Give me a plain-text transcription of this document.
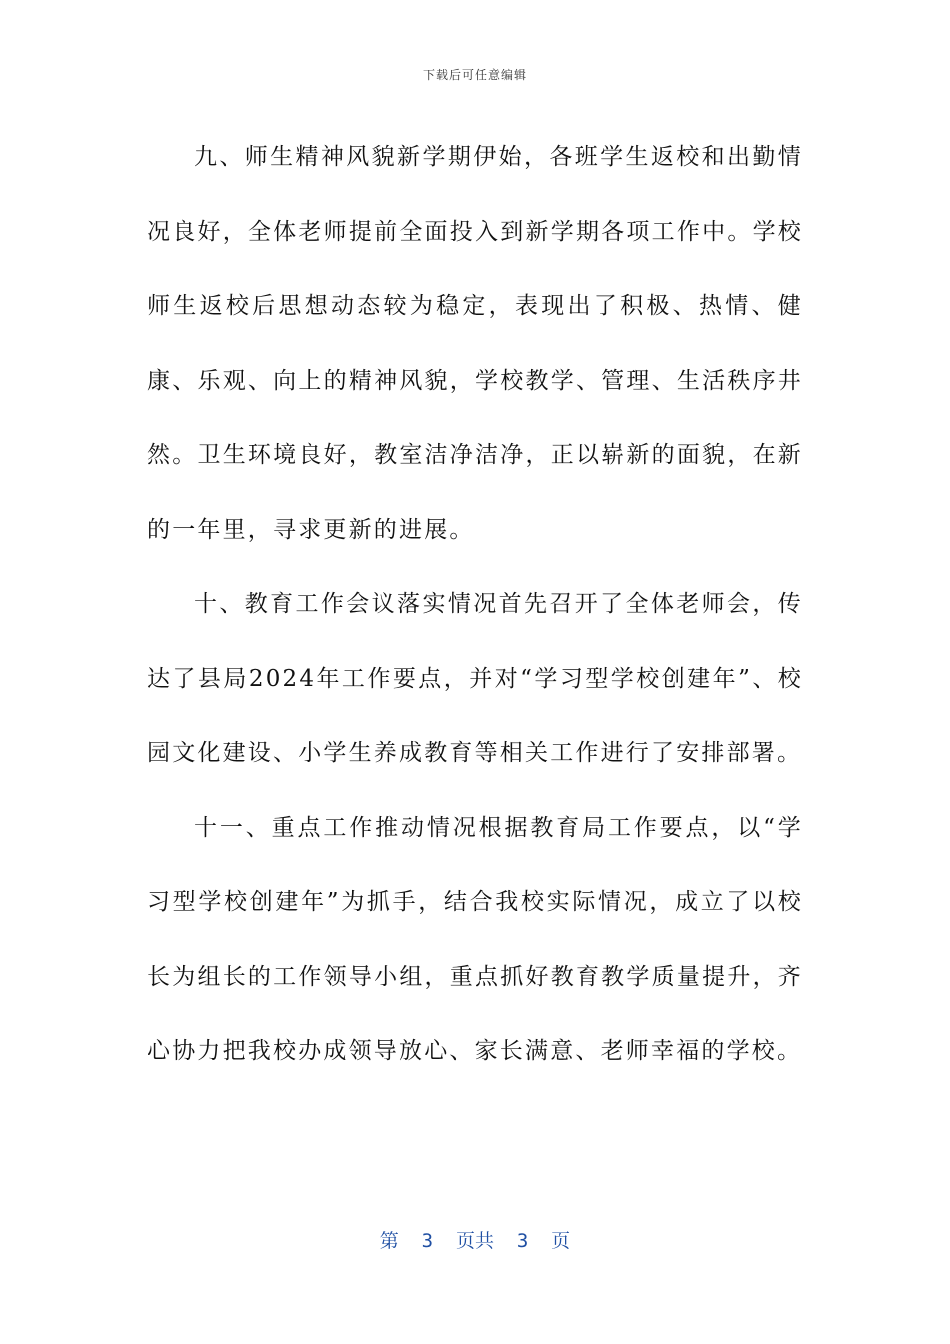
下载后可任意编辑

九、师生精神风貌新学期伊始，各班学生返校和出勤情况良好，全体老师提前全面投入到新学期各项工作中。学校师生返校后思想动态较为稳定，表现出了积极、热情、健康、乐观、向上的精神风貌，学校教学、管理、生活秩序井然。卫生环境良好，教室洁净洁净，正以崭新的面貌，在新的一年里，寻求更新的进展。

十、教育工作会议落实情况首先召开了全体老师会，传达了县局2024年工作要点，并对“学习型学校创建年”、校园文化建设、小学生养成教育等相关工作进行了安排部署。

十一、重点工作推动情况根据教育局工作要点，以“学习型学校创建年”为抓手，结合我校实际情况，成立了以校长为组长的工作领导小组，重点抓好教育教学质量提升，齐心协力把我校办成领导放心、家长满意、老师幸福的学校。

第  3  页共  3  页
